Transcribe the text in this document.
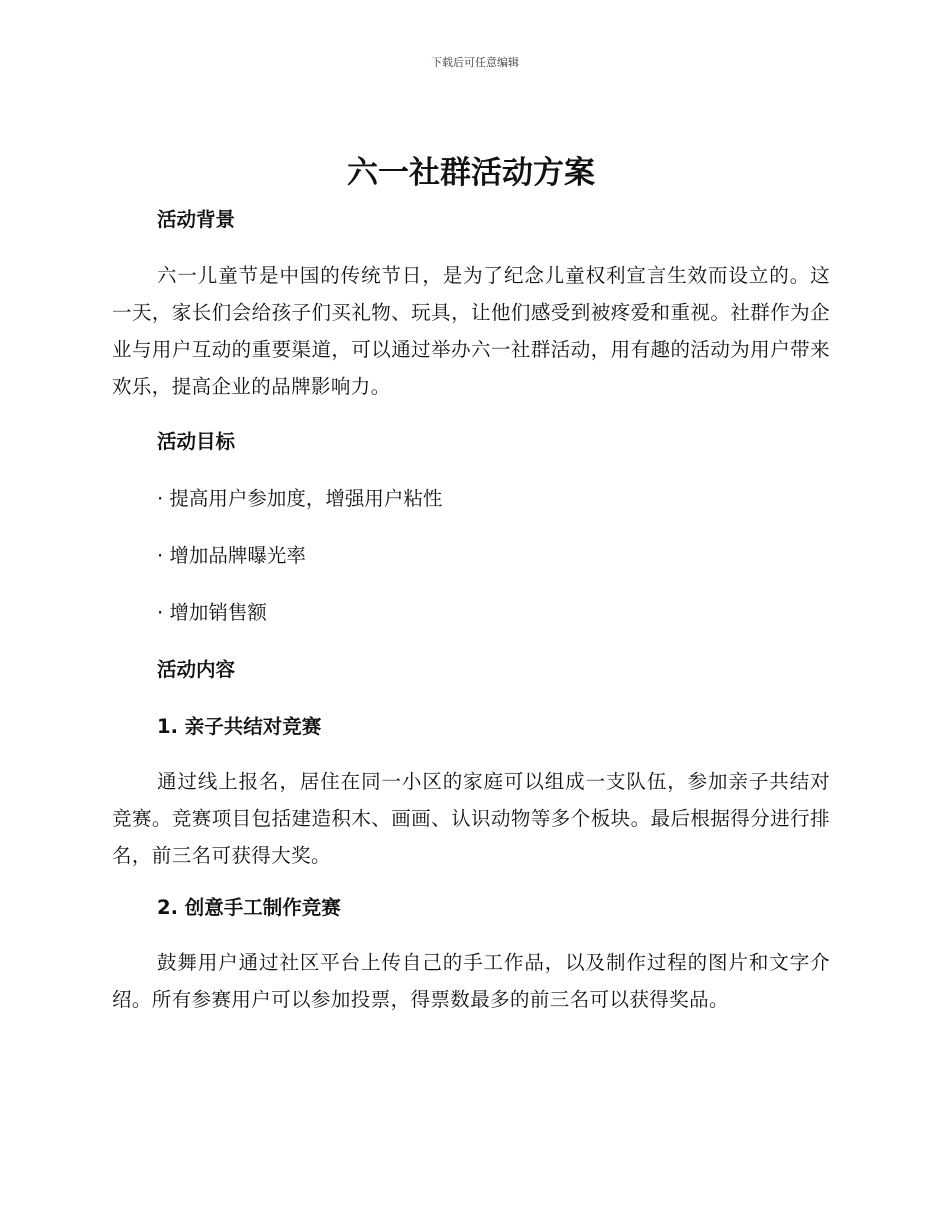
下载后可任意编辑
六一社群活动方案
活动背景

六一儿童节是中国的传统节日，是为了纪念儿童权利宣言生效而设立的。这一天，家长们会给孩子们买礼物、玩具，让他们感受到被疼爱和重视。社群作为企业与用户互动的重要渠道，可以通过举办六一社群活动，用有趣的活动为用户带来欢乐，提高企业的品牌影响力。

活动目标

· 提高用户参加度，增强用户粘性

· 增加品牌曝光率

· 增加销售额

活动内容
1. 亲子共结对竞赛

通过线上报名，居住在同一小区的家庭可以组成一支队伍，参加亲子共结对竞赛。竞赛项目包括建造积木、画画、认识动物等多个板块。最后根据得分进行排名，前三名可获得大奖。

2. 创意手工制作竞赛

鼓舞用户通过社区平台上传自己的手工作品，以及制作过程的图片和文字介绍。所有参赛用户可以参加投票，得票数最多的前三名可以获得奖品。
